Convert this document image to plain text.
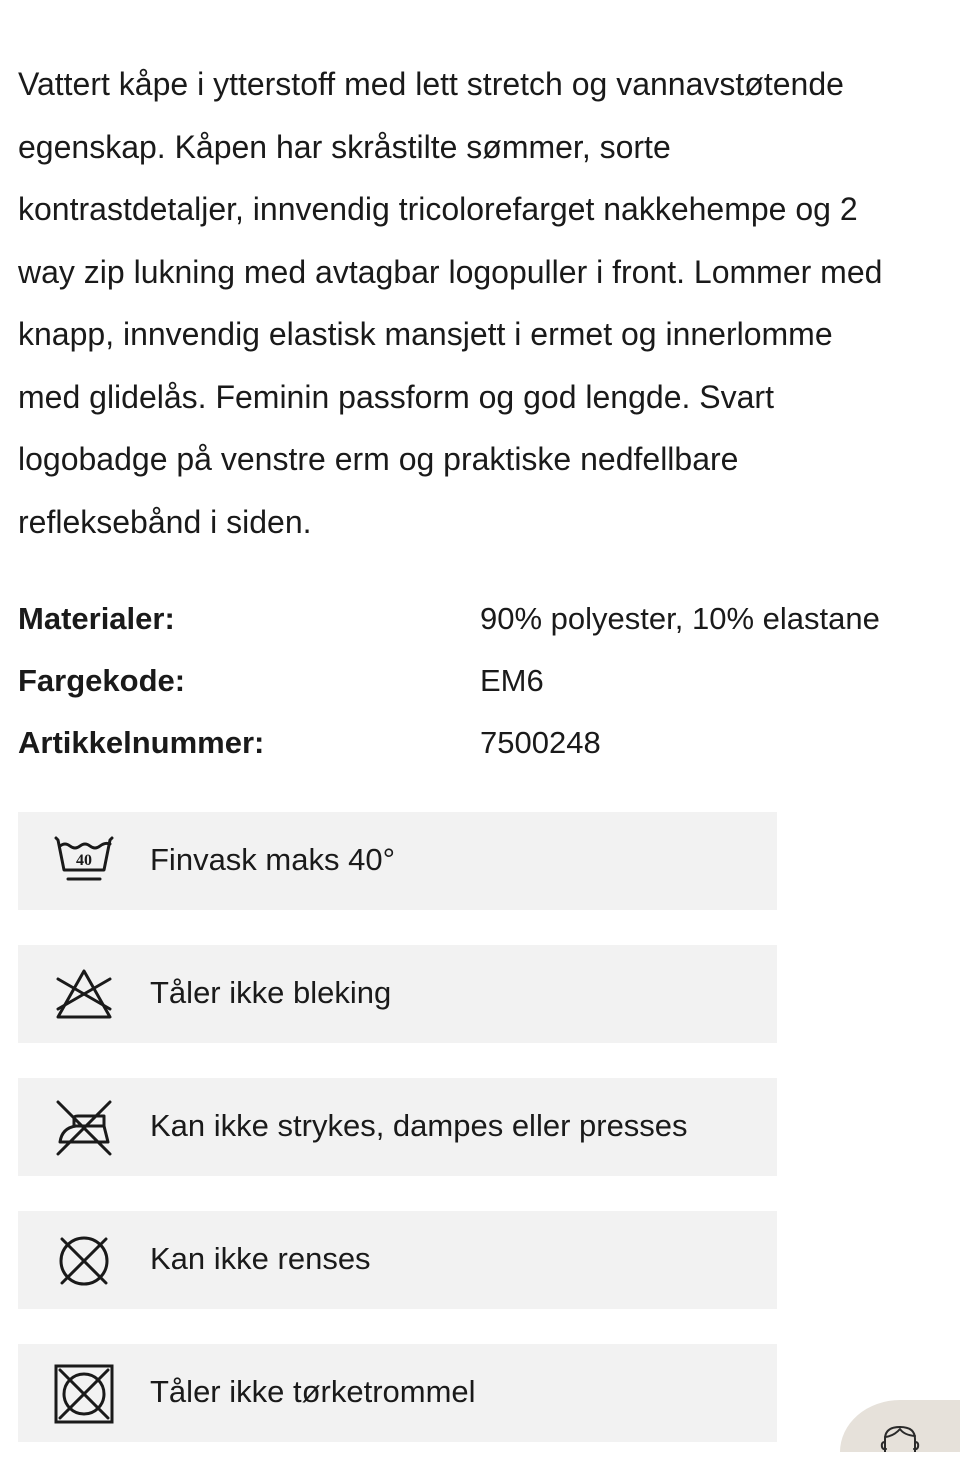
Vattert kåpe i ytterstoff med lett stretch og vannavstøtende
egenskap. Kåpen har skråstilte sømmer, sorte
kontrastdetaljer, innvendig tricolorefarget nakkehempe og 2
way zip lukning med avtagbar logopuller i front. Lommer med
knapp, innvendig elastisk mansjett i ermet og innerlomme
med glidelås. Feminin passform og god lengde. Svart
logobadge på venstre erm og praktiske nedfellbare
refleksebånd i siden.
Materialer:	90% polyester, 10% elastane
Fargekode:	EM6
Artikkelnummer:	7500248
40 Finvask maks 40°
Tåler ikke bleking
Kan ikke strykes, dampes eller presses
Kan ikke renses
Tåler ikke tørketrommel
